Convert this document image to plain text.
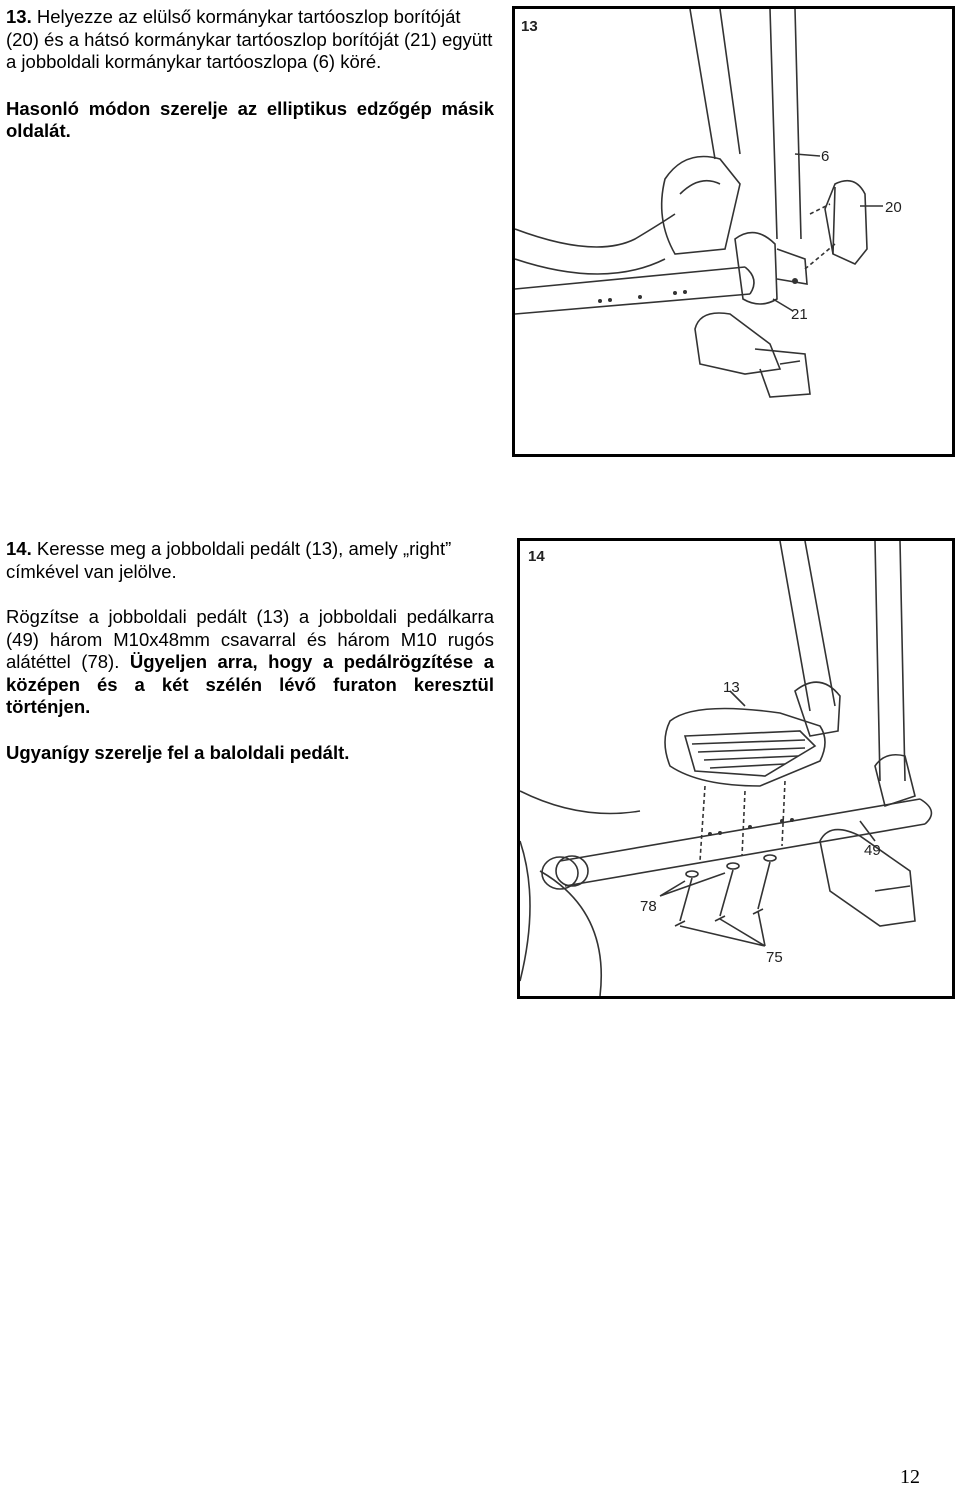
13. Helyezze az elülső kormánykar tartóoszlop borítóját (20) és a hátsó kormánykar tartóoszlop borítóját (21) együtt a jobboldali kormánykar tartóoszlopa (6) köré.

Hasonló módon szerelje az elliptikus edzőgép másik oldalát.

13
6
20
21

14. Keresse meg a jobboldali pedált (13), amely „right” címkével van jelölve.

Rögzítse a jobboldali pedált (13) a jobboldali pedálkarra (49) három M10x48mm csavarral és három M10 rugós alátéttel (78). Ügyeljen arra, hogy a pedálrögzítése a középen és a két szélén lévő furaton keresztül történjen.

Ugyanígy szerelje fel a baloldali pedált.

14
13
49
78
75
12
